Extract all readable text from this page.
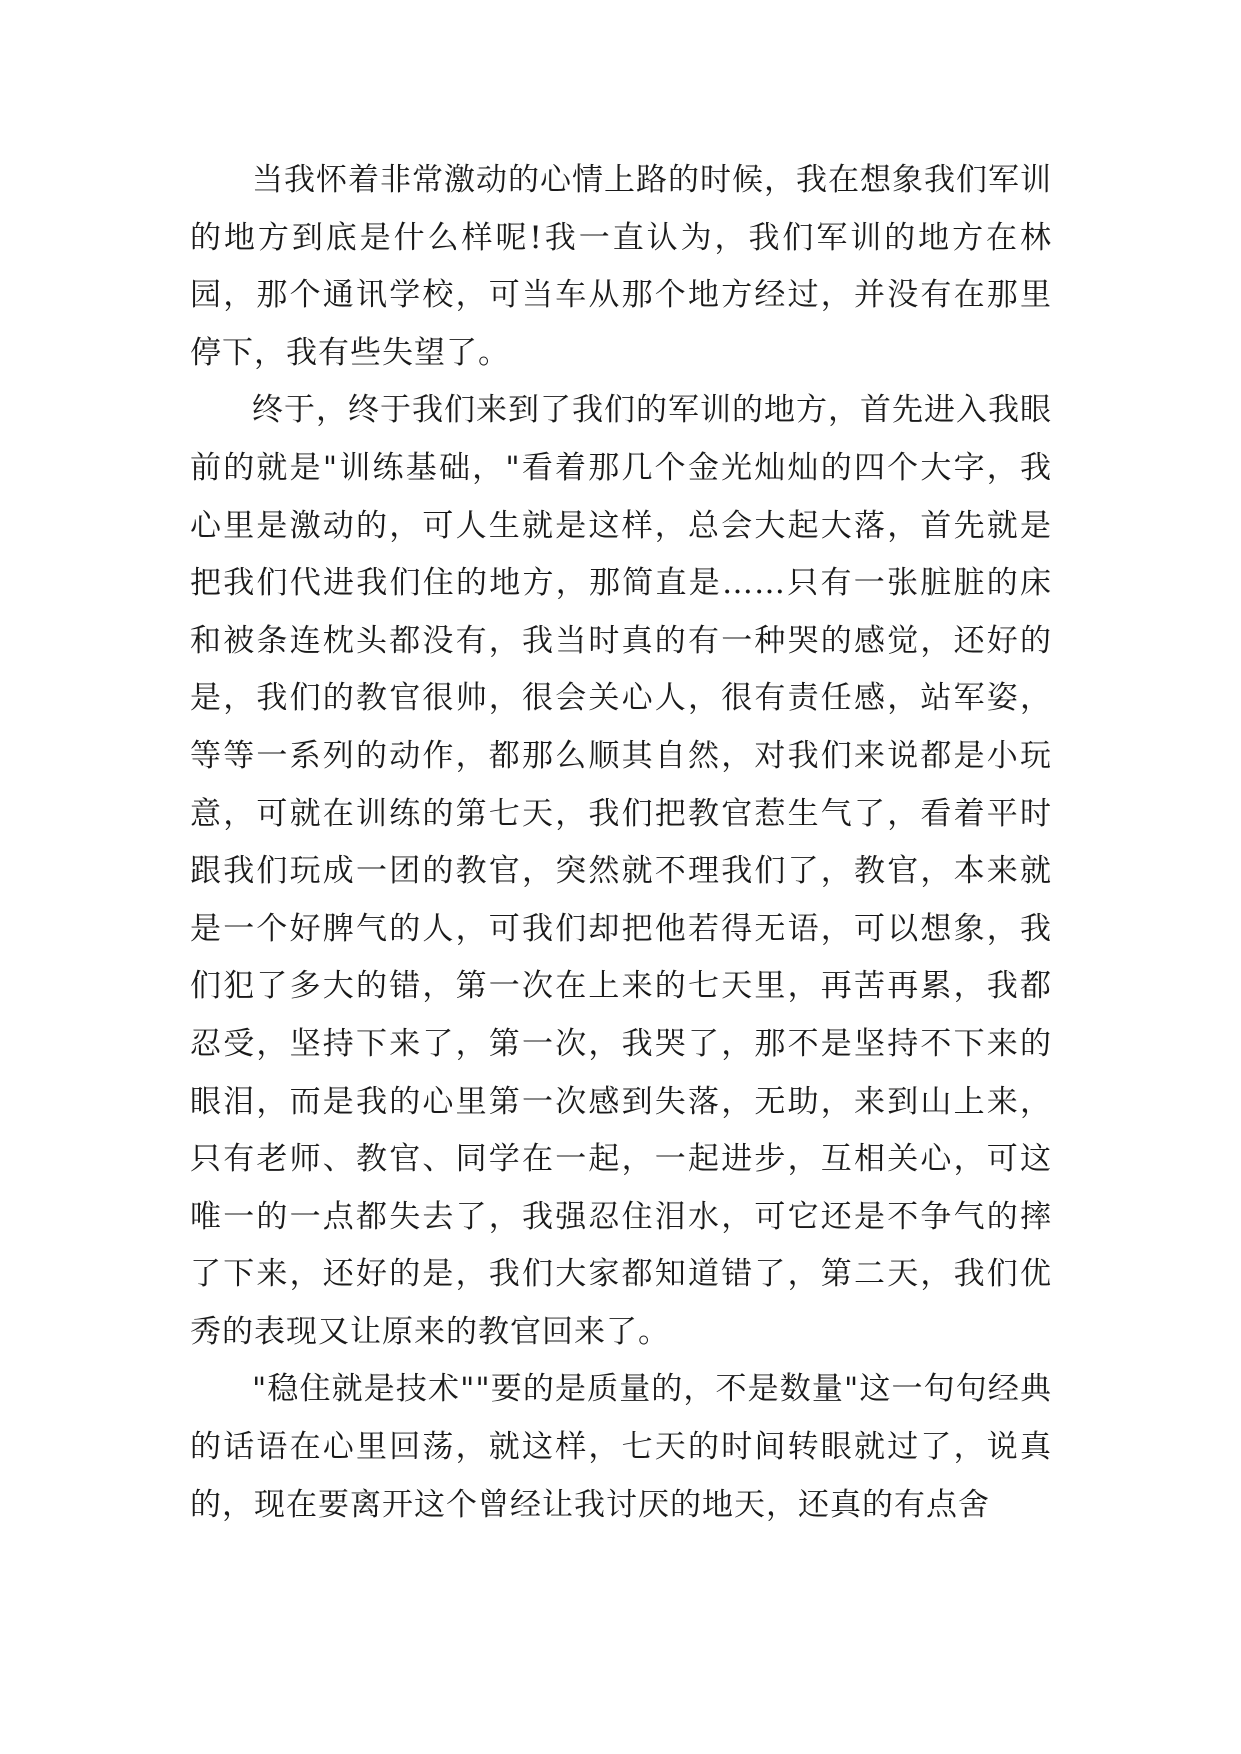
当我怀着非常激动的心情上路的时候，我在想象我们军训的地方到底是什么样呢!我一直认为，我们军训的地方在林园，那个通讯学校，可当车从那个地方经过，并没有在那里停下，我有些失望了。

终于，终于我们来到了我们的军训的地方，首先进入我眼前的就是"训练基础，"看着那几个金光灿灿的四个大字，我心里是激动的，可人生就是这样，总会大起大落，首先就是把我们代进我们住的地方，那简直是……只有一张脏脏的床和被条连枕头都没有，我当时真的有一种哭的感觉，还好的是，我们的教官很帅，很会关心人，很有责任感，站军姿，等等一系列的动作，都那么顺其自然，对我们来说都是小玩意，可就在训练的第七天，我们把教官惹生气了，看着平时跟我们玩成一团的教官，突然就不理我们了，教官，本来就是一个好脾气的人，可我们却把他若得无语，可以想象，我们犯了多大的错，第一次在上来的七天里，再苦再累，我都忍受，坚持下来了，第一次，我哭了，那不是坚持不下来的眼泪，而是我的心里第一次感到失落，无助，来到山上来，只有老师、教官、同学在一起，一起进步，互相关心，可这唯一的一点都失去了，我强忍住泪水，可它还是不争气的摔了下来，还好的是，我们大家都知道错了，第二天，我们优秀的表现又让原来的教官回来了。

"稳住就是技术""要的是质量的，不是数量"这一句句经典的话语在心里回荡，就这样，七天的时间转眼就过了，说真的，现在要离开这个曾经让我讨厌的地天，还真的有点舍
